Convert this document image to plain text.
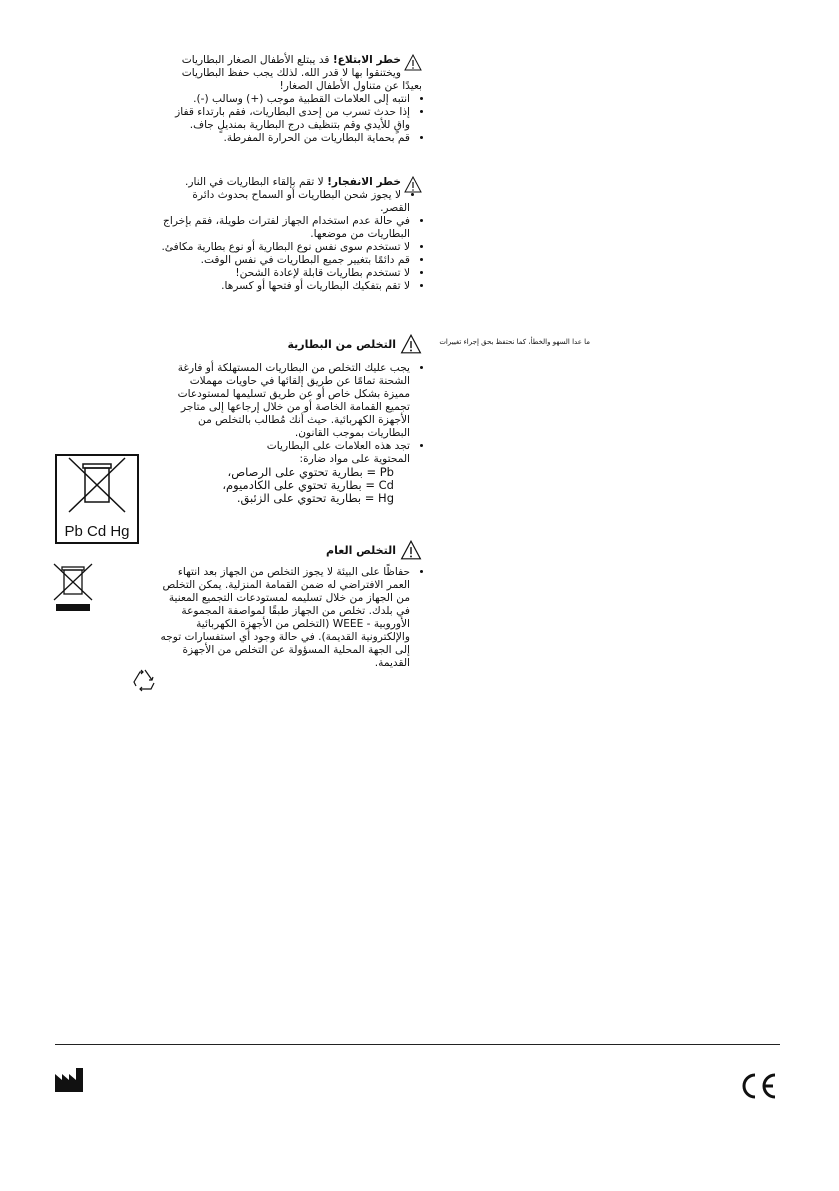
خطر الابتلاع! قد يبتلع الأطفال الصغار البطاريات ويختنقوا بها لا قدر الله. لذلك يجب حفظ البطاريات بعيدًا عن متناول الأطفال الصغار!

• انتبه إلى العلامات القطبية موجب (+) وسالب (-).
• إذا حدث تسرب من إحدى البطاريات، فقم بارتداء قفاز واقٍ للأيدي وقم بتنظيف درج البطارية بمنديلٍ جاف.
• قم بحماية البطاريات من الحرارة المفرطة.

خطر الانفجار! لا تقم بإلقاء البطاريات في النار.

• لا يجوز شحن البطاريات أو السماح بحدوث دائرة القصر.
• في حالة عدم استخدام الجهاز لفترات طويلة، فقم بإخراج البطاريات من موضعها.
• لا تستخدم سوى نفس نوع البطارية أو نوع بطارية مكافئ.
• قم دائمًا بتغيير جميع البطاريات في نفس الوقت.
• لا تستخدم بطاريات قابلة لإعادة الشحن!
• لا تقم بتفكيك البطاريات أو فتحها أو كسرها.
ما عدا السهو والخطأ، كما نحتفظ بحق إجراء تغييرات
التخلص من البطارية
• يجب عليك التخلص من البطاريات المستهلكة أو فارغة الشحنة تمامًا عن طريق إلقائها في حاويات مهملات مميزة بشكل خاص أو عن طريق تسليمها لمستودعات تجميع القمامة الخاصة أو من خلال إرجاعها إلى متاجر الأجهزة الكهربائية. حيث أنك مُطالب بالتخلص من البطاريات بموجب القانون.
• تجد هذه العلامات على البطاريات المحتوية على مواد ضارة:

Pb = بطارية تحتوي على الرصاص،

Cd = بطارية تحتوي على الكادميوم،

Hg = بطارية تحتوي على الزئبق.

Pb Cd Hg
التخلص العام
• حفاظًا على البيئة لا يجوز التخلص من الجهاز بعد انتهاء العمر الافتراضي له ضمن القمامة المنزلية. يمكن التخلص من الجهاز من خلال تسليمه لمستودعات التجميع المعنية في بلدك. تخلص من الجهاز طبقًا لمواصفة المجموعة الأوروبية - WEEE (التخلص من الأجهزة الكهربائية والإلكترونية القديمة). في حالة وجود أي استفسارات توجه إلى الجهة المحلية المسؤولة عن التخلص من الأجهزة القديمة.
